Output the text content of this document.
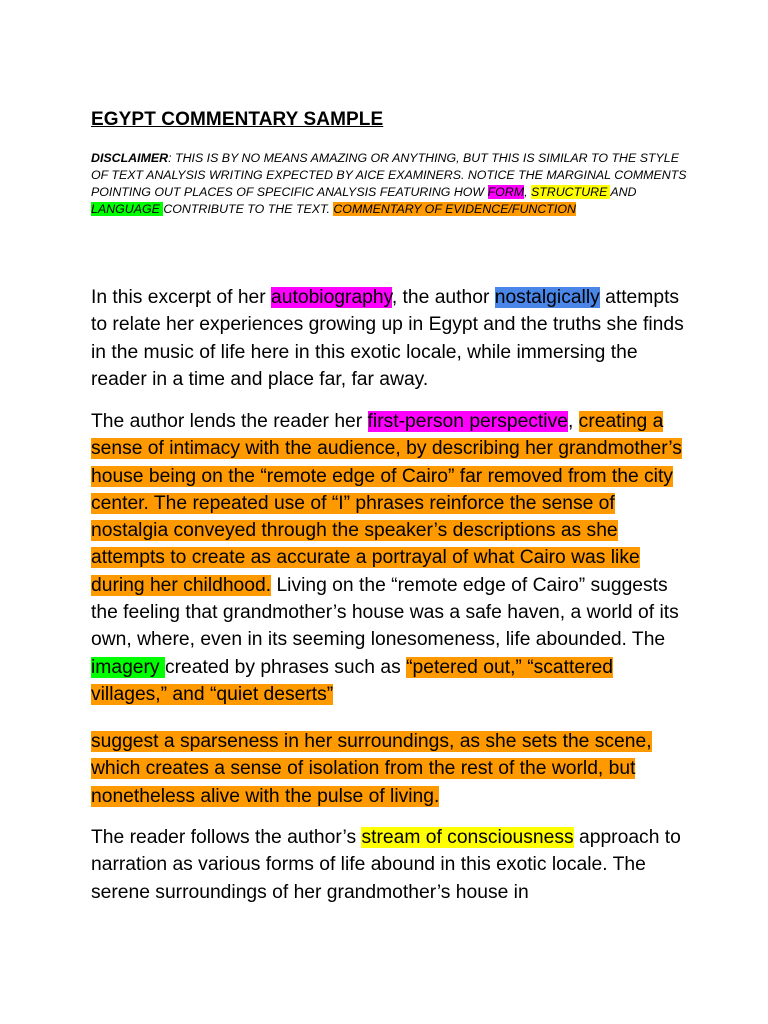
EGYPT COMMENTARY SAMPLE
DISCLAIMER: THIS IS BY NO MEANS AMAZING OR ANYTHING, BUT THIS IS SIMILAR TO THE STYLE OF TEXT ANALYSIS WRITING EXPECTED BY AICE EXAMINERS. NOTICE THE MARGINAL COMMENTS POINTING OUT PLACES OF SPECIFIC ANALYSIS FEATURING HOW FORM, STRUCTURE AND LANGUAGE CONTRIBUTE TO THE TEXT. COMMENTARY OF EVIDENCE/FUNCTION
In this excerpt of her autobiography, the author nostalgically attempts to relate her experiences growing up in Egypt and the truths she finds in the music of life here in this exotic locale, while immersing the reader in a time and place far, far away.
The author lends the reader her first-person perspective, creating a sense of intimacy with the audience, by describing her grandmother’s house being on the “remote edge of Cairo” far removed from the city center. The repeated use of “I” phrases reinforce the sense of nostalgia conveyed through the speaker’s descriptions as she attempts to create as accurate a portrayal of what Cairo was like during her childhood. Living on the “remote edge of Cairo” suggests the feeling that grandmother’s house was a safe haven, a world of its own, where, even in its seeming lonesomeness, life abounded. The imagery created by phrases such as “petered out,” “scattered villages,” and “quiet deserts”
suggest a sparseness in her surroundings, as she sets the scene, which creates a sense of isolation from the rest of the world, but nonetheless alive with the pulse of living.
The reader follows the author’s stream of consciousness approach to narration as various forms of life abound in this exotic locale. The serene surroundings of her grandmother’s house in
